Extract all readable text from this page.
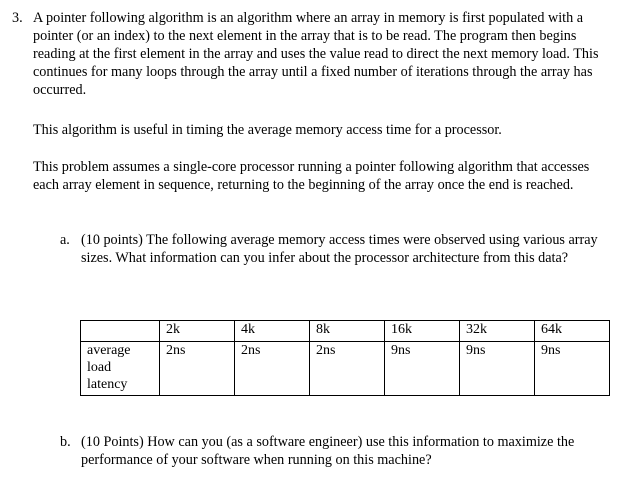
3. A pointer following algorithm is an algorithm where an array in memory is first populated with a pointer (or an index) to the next element in the array that is to be read. The program then begins reading at the first element in the array and uses the value read to direct the next memory load. This continues for many loops through the array until a fixed number of iterations through the array has occurred.

This algorithm is useful in timing the average memory access time for a processor.

This problem assumes a single-core processor running a pointer following algorithm that accesses each array element in sequence, returning to the beginning of the array once the end is reached.

a. (10 points) The following average memory access times were observed using various array sizes. What information can you infer about the processor architecture from this data?

	2k	4k	8k	16k	32k	64k
average load latency	2ns	2ns	2ns	9ns	9ns	9ns
b. (10 Points) How can you (as a software engineer) use this information to maximize the performance of your software when running on this machine?
